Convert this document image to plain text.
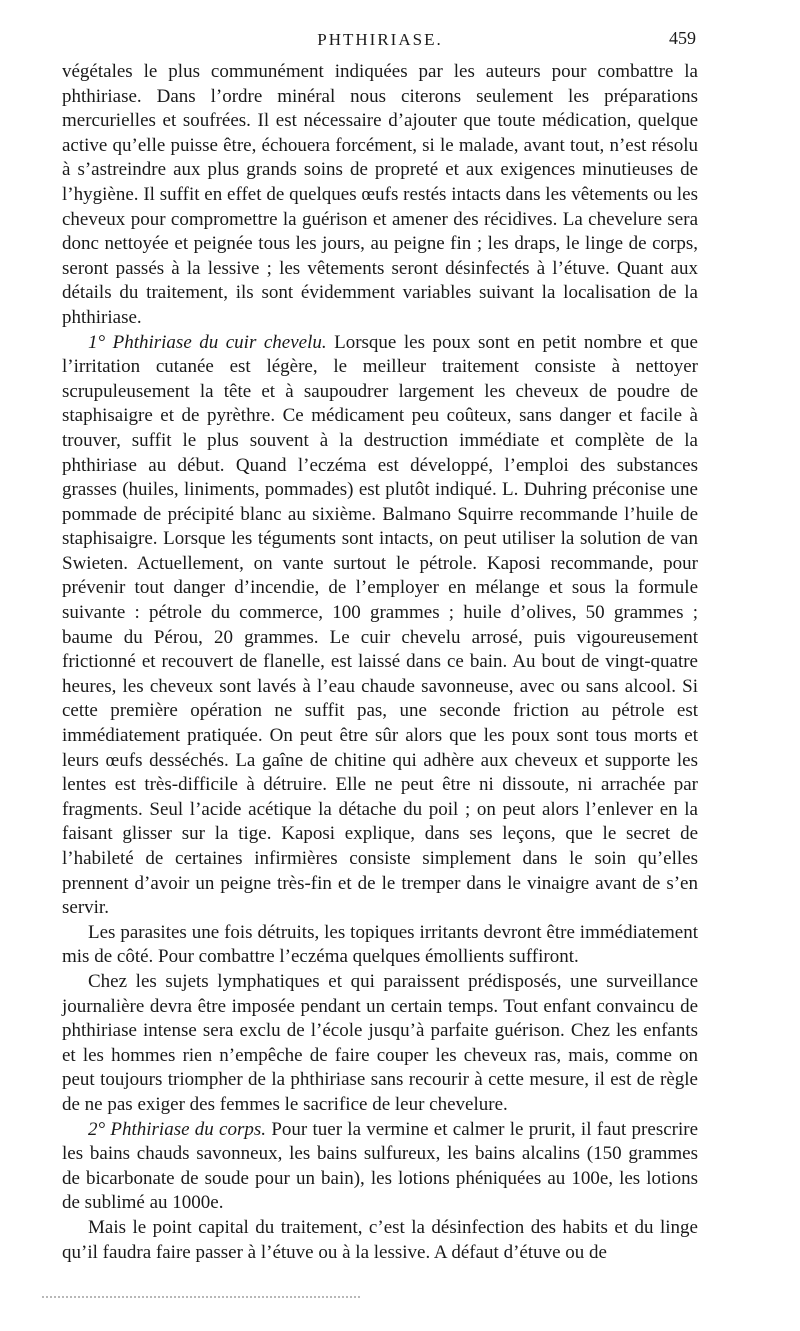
PHTHIRIASE.	459

végétales le plus communément indiquées par les auteurs pour combattre la phthiriase. Dans l’ordre minéral nous citerons seulement les préparations mercurielles et soufrées. Il est nécessaire d’ajouter que toute médication, quelque active qu’elle puisse être, échouera forcément, si le malade, avant tout, n’est résolu à s’astreindre aux plus grands soins de propreté et aux exigences minutieuses de l’hygiène. Il suffit en effet de quelques œufs restés intacts dans les vêtements ou les cheveux pour compromettre la guérison et amener des récidives. La chevelure sera donc nettoyée et peignée tous les jours, au peigne fin ; les draps, le linge de corps, seront passés à la lessive ; les vêtements seront désinfectés à l’étuve. Quant aux détails du traitement, ils sont évidemment variables suivant la localisation de la phthiriase.

1° Phthiriase du cuir chevelu. Lorsque les poux sont en petit nombre et que l’irritation cutanée est légère, le meilleur traitement consiste à nettoyer scrupuleusement la tête et à saupoudrer largement les cheveux de poudre de staphisaigre et de pyrèthre. Ce médicament peu coûteux, sans danger et facile à trouver, suffit le plus souvent à la destruction immédiate et complète de la phthiriase au début. Quand l’eczéma est développé, l’emploi des substances grasses (huiles, liniments, pommades) est plutôt indiqué. L. Duhring préconise une pommade de précipité blanc au sixième. Balmano Squirre recommande l’huile de staphisaigre. Lorsque les téguments sont intacts, on peut utiliser la solution de van Swieten. Actuellement, on vante surtout le pétrole. Kaposi recommande, pour prévenir tout danger d’incendie, de l’employer en mélange et sous la formule suivante : pétrole du commerce, 100 grammes ; huile d’olives, 50 grammes ; baume du Pérou, 20 grammes. Le cuir chevelu arrosé, puis vigoureusement frictionné et recouvert de flanelle, est laissé dans ce bain. Au bout de vingt-quatre heures, les cheveux sont lavés à l’eau chaude savonneuse, avec ou sans alcool. Si cette première opération ne suffit pas, une seconde friction au pétrole est immédiatement pratiquée. On peut être sûr alors que les poux sont tous morts et leurs œufs desséchés. La gaîne de chitine qui adhère aux cheveux et supporte les lentes est très-difficile à détruire. Elle ne peut être ni dissoute, ni arrachée par fragments. Seul l’acide acétique la détache du poil ; on peut alors l’enlever en la faisant glisser sur la tige. Kaposi explique, dans ses leçons, que le secret de l’habileté de certaines infirmières consiste simplement dans le soin qu’elles prennent d’avoir un peigne très-fin et de le tremper dans le vinaigre avant de s’en servir.

Les parasites une fois détruits, les topiques irritants devront être immédiatement mis de côté. Pour combattre l’eczéma quelques émollients suffiront.

Chez les sujets lymphatiques et qui paraissent prédisposés, une surveillance journalière devra être imposée pendant un certain temps. Tout enfant convaincu de phthiriase intense sera exclu de l’école jusqu’à parfaite guérison. Chez les enfants et les hommes rien n’empêche de faire couper les cheveux ras, mais, comme on peut toujours triompher de la phthiriase sans recourir à cette mesure, il est de règle de ne pas exiger des femmes le sacrifice de leur chevelure.

2° Phthiriase du corps. Pour tuer la vermine et calmer le prurit, il faut prescrire les bains chauds savonneux, les bains sulfureux, les bains alcalins (150 grammes de bicarbonate de soude pour un bain), les lotions phéniquées au 100e, les lotions de sublimé au 1000e.

Mais le point capital du traitement, c’est la désinfection des habits et du linge qu’il faudra faire passer à l’étuve ou à la lessive. A défaut d’étuve ou de
